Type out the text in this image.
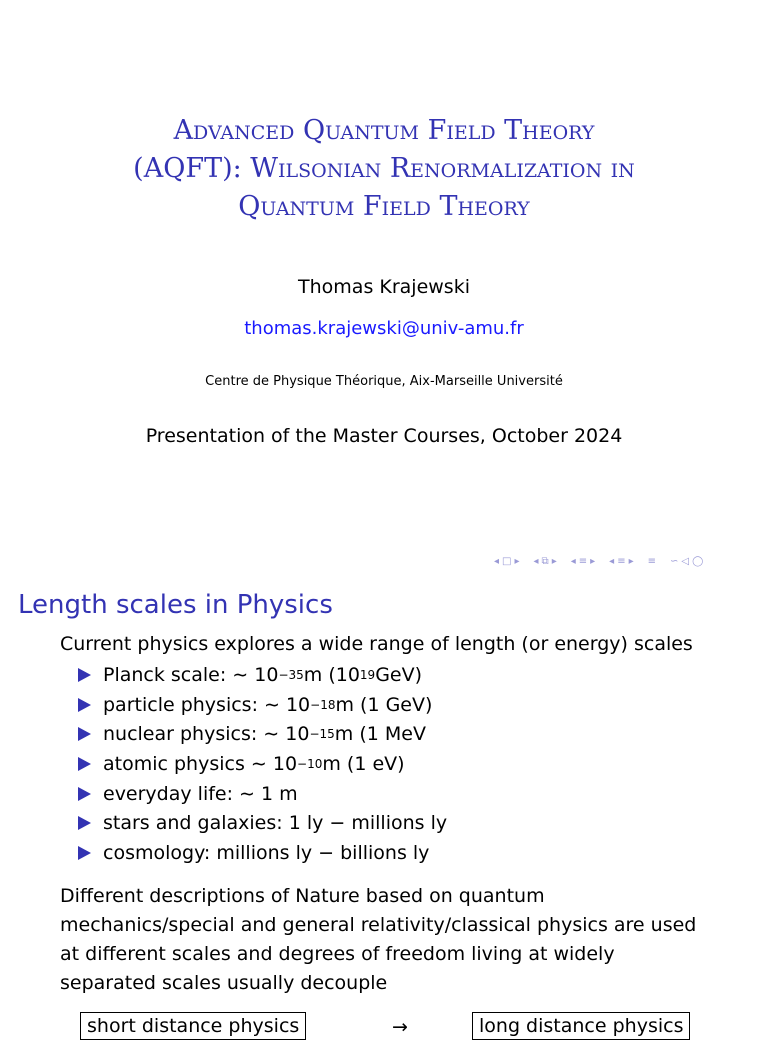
Advanced Quantum Field Theory
(AQFT): Wilsonian Renormalization in
Quantum Field Theory
Thomas Krajewski
thomas.krajewski@univ-amu.fr
Centre de Physique Théorique, Aix-Marseille Université
Presentation of the Master Courses, October 2024
◂ □ ▸ ◂ ⧉ ▸ ◂ ≡ ▸ ◂ ≡ ▸ ≡ ∽ ◁ ◯
Length scales in Physics
Current physics explores a wide range of length (or energy) scales
Planck scale: ∼ 10 −35 m (10 19 GeV)
particle physics: ∼ 10 −18 m (1 GeV)
nuclear physics: ∼ 10 −15 m (1 MeV
atomic physics ∼ 10 −10 m (1 eV)
everyday life: ∼ 1 m
stars and galaxies: 1 ly − millions ly
cosmology: millions ly − billions ly
Different descriptions of Nature based on quantum
mechanics/special and general relativity/classical physics are used
at different scales and degrees of freedom living at widely
separated scales usually decouple
short distance physics	→	long distance physics
